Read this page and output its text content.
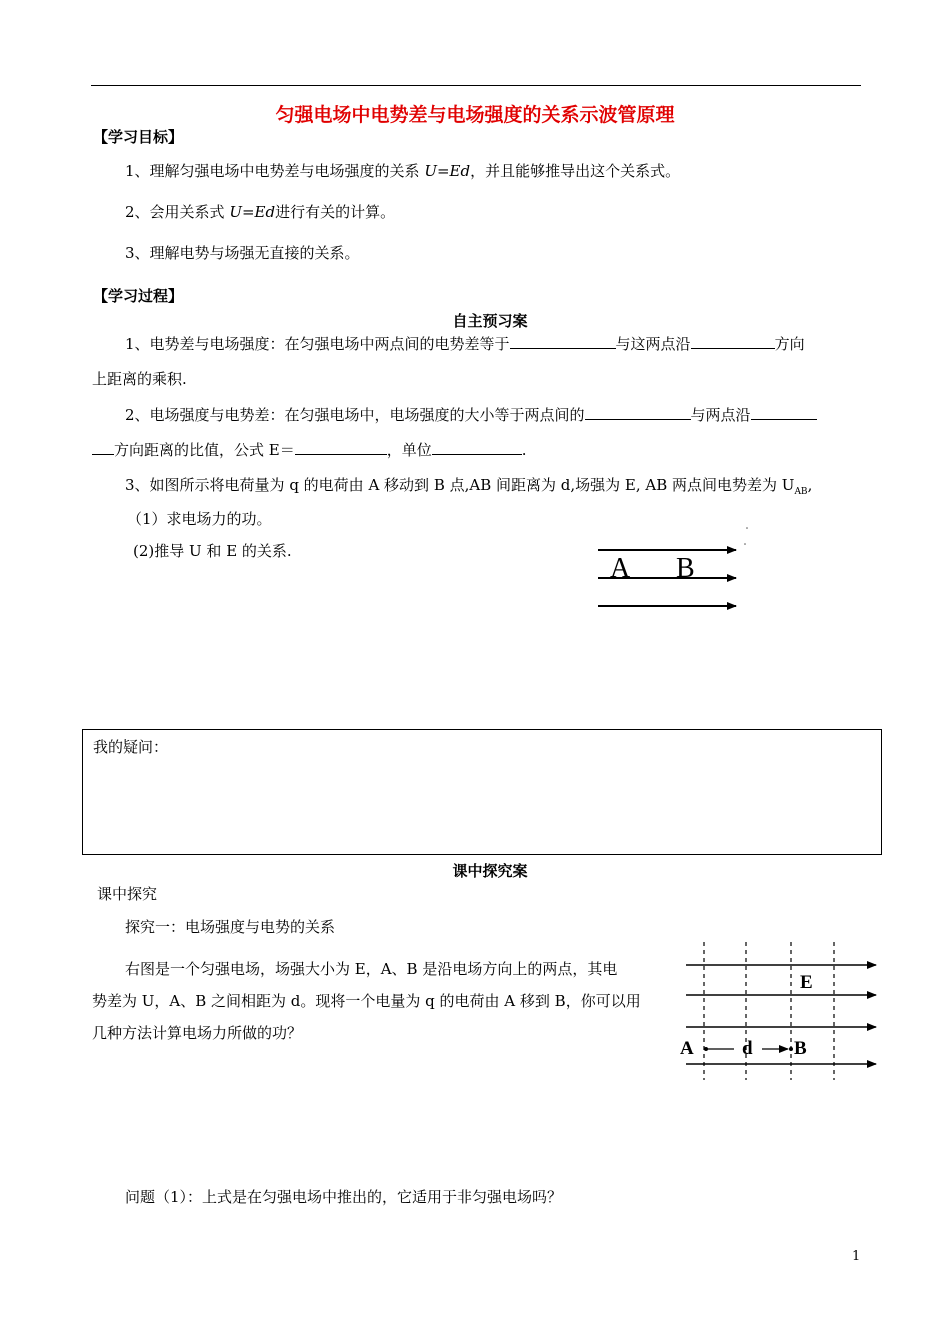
匀强电场中电势差与电场强度的关系示波管原理
【学习目标】
1、理解匀强电场中电势差与电场强度的关系 U=Ed，并且能够推导出这个关系式。
2、会用关系式 U=Ed进行有关的计算。
3、理解电势与场强无直接的关系。
【学习过程】
自主预习案
1、电势差与电场强度：在匀强电场中两点间的电势差等于	与这两点沿	方向
上距离的乘积.
2、电场强度与电势差：在匀强电场中，电场强度的大小等于两点间的	与两点沿
方向距离的比值，公式 E＝	，单位	.
3、如图所示将电荷量为 q 的电荷由 A 移动到 B 点,AB 间距离为 d,场强为 E, AB 两点间电势差为 $U_{AB}$,
（1）求电场力的功。
(2)推导 U 和 E 的关系.
A B
我的疑问：
课中探究案
课中探究
探究一：电场强度与电势的关系
右图是一个匀强电场，场强大小为 E，A、B 是沿电场方向上的两点，其电
势差为 U，A、B 之间相距为 d。现将一个电量为 q 的电荷由 A 移到 B，你可以用
几种方法计算电场力所做的功？
E
A	d B
问题（1）：上式是在匀强电场中推出的，它适用于非匀强电场吗？
1
